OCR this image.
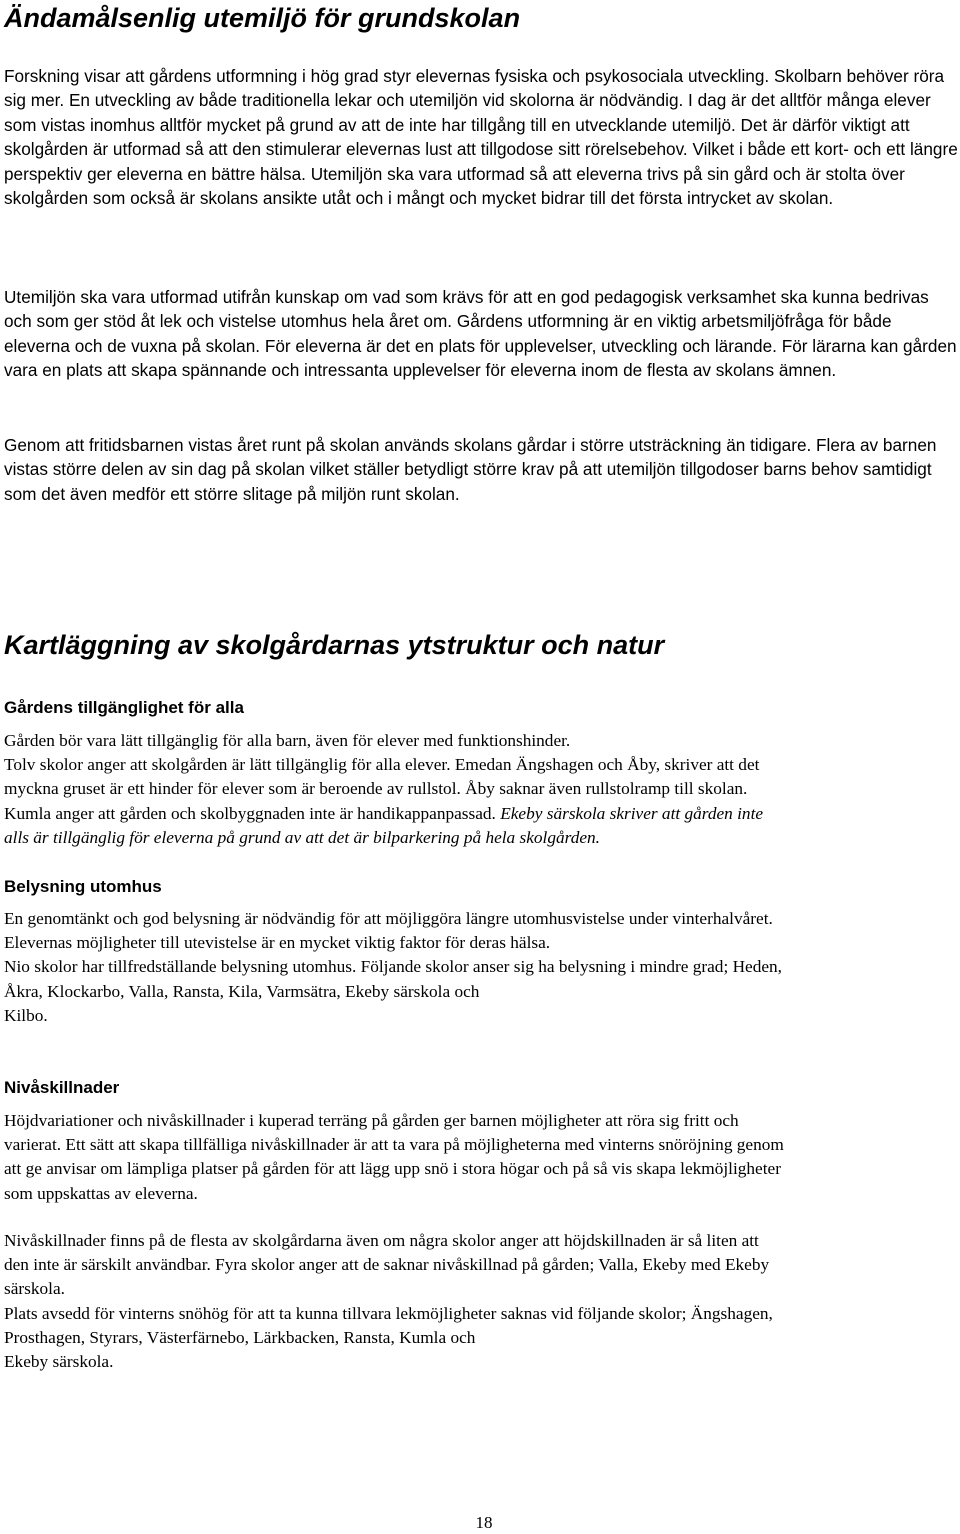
Ändamålsenlig utemiljö för grundskolan

Forskning visar att gårdens utformning i hög grad styr elevernas fysiska och psykosociala utveckling. Skolbarn behöver röra sig mer. En utveckling av både traditionella lekar och utemiljön vid skolorna är nödvändig. I dag är det alltför många elever som vistas inomhus alltför mycket på grund av att de inte har tillgång till en utvecklande utemiljö. Det är därför viktigt att skolgården är utformad så att den stimulerar elevernas lust att tillgodose sitt rörelsebehov. Vilket i både ett kort- och ett längre perspektiv ger eleverna en bättre hälsa. Utemiljön ska vara utformad så att eleverna trivs på sin gård och är stolta över skolgården som också är skolans ansikte utåt och i mångt och mycket bidrar till det första intrycket av skolan.

Utemiljön ska vara utformad utifrån kunskap om vad som krävs för att en god pedagogisk verksamhet ska kunna bedrivas och som ger stöd åt lek och vistelse utomhus hela året om. Gårdens utformning är en viktig arbetsmiljöfråga för både eleverna och de vuxna på skolan. För eleverna är det en plats för upplevelser, utveckling och lärande. För lärarna kan gården vara en plats att skapa spännande och intressanta upplevelser för eleverna inom de flesta av skolans ämnen.

Genom att fritidsbarnen vistas året runt på skolan används skolans gårdar i större utsträckning än tidigare. Flera av barnen vistas större delen av sin dag på skolan vilket ställer betydligt större krav på att utemiljön tillgodoser barns behov samtidigt som det även medför ett större slitage på miljön runt skolan.

Kartläggning av skolgårdarnas ytstruktur och natur
Gårdens tillgänglighet för alla
Gården bör vara lätt tillgänglig för alla barn, även för elever med funktionshinder.
Tolv skolor anger att skolgården är lätt tillgänglig för alla elever. Emedan Ängshagen och Åby, skriver att det
myckna gruset är ett hinder för elever som är beroende av rullstol. Åby saknar även rullstolramp till skolan.
Kumla anger att gården och skolbyggnaden inte är handikappanpassad. Ekeby särskola skriver att gården inte
alls är tillgänglig för eleverna på grund av att det är bilparkering på hela skolgården.
Belysning utomhus
En genomtänkt och god belysning är nödvändig för att möjliggöra längre utomhusvistelse under vinterhalvåret.
Elevernas möjligheter till utevistelse är en mycket viktig faktor för deras hälsa.
Nio skolor har tillfredställande belysning utomhus. Följande skolor anser sig ha belysning i mindre grad; Heden,
Åkra, Klockarbo, Valla, Ransta, Kila, Varmsätra, Ekeby särskola och
Kilbo.
Nivåskillnader
Höjdvariationer och nivåskillnader i kuperad terräng på gården ger barnen möjligheter att röra sig fritt och
varierat. Ett sätt att skapa tillfälliga nivåskillnader är att ta vara på möjligheterna med vinterns snöröjning genom
att ge anvisar om lämpliga platser på gården för att lägg upp snö i stora högar och på så vis skapa lekmöjligheter
som uppskattas av eleverna.
Nivåskillnader finns på de flesta av skolgårdarna även om några skolor anger att höjdskillnaden är så liten att
den inte är särskilt användbar. Fyra skolor anger att de saknar nivåskillnad på gården; Valla, Ekeby med Ekeby
särskola.
Plats avsedd för vinterns snöhög för att ta kunna tillvara lekmöjligheter saknas vid följande skolor; Ängshagen,
Prosthagen, Styrars, Västerfärnebo, Lärkbacken, Ransta, Kumla och
Ekeby särskola.

18
